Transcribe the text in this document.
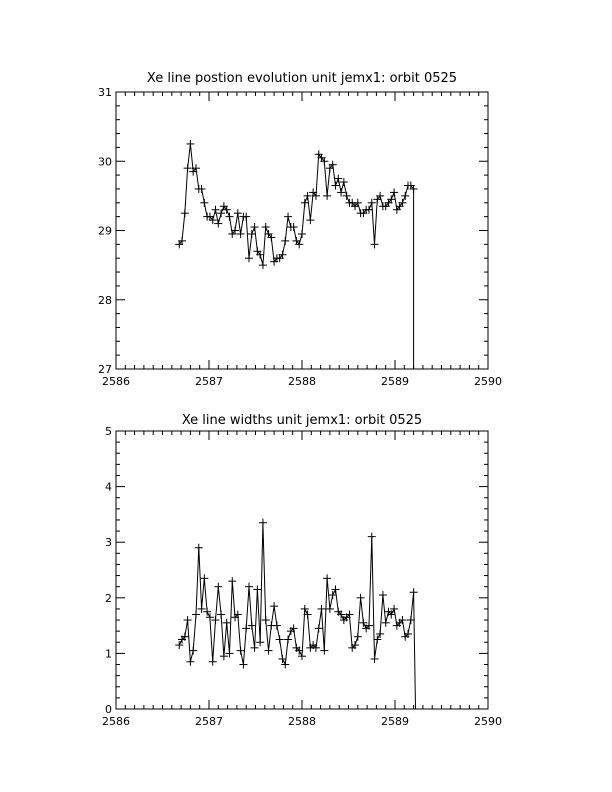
Xe line postion evolution unit jemx1: orbit 0525
2586	2587	2588	2589	2590
27
28
29
30
31
Xe line widths unit jemx1: orbit 0525
2586	2587	2588	2589	2590
0
1
2
3
4
5
